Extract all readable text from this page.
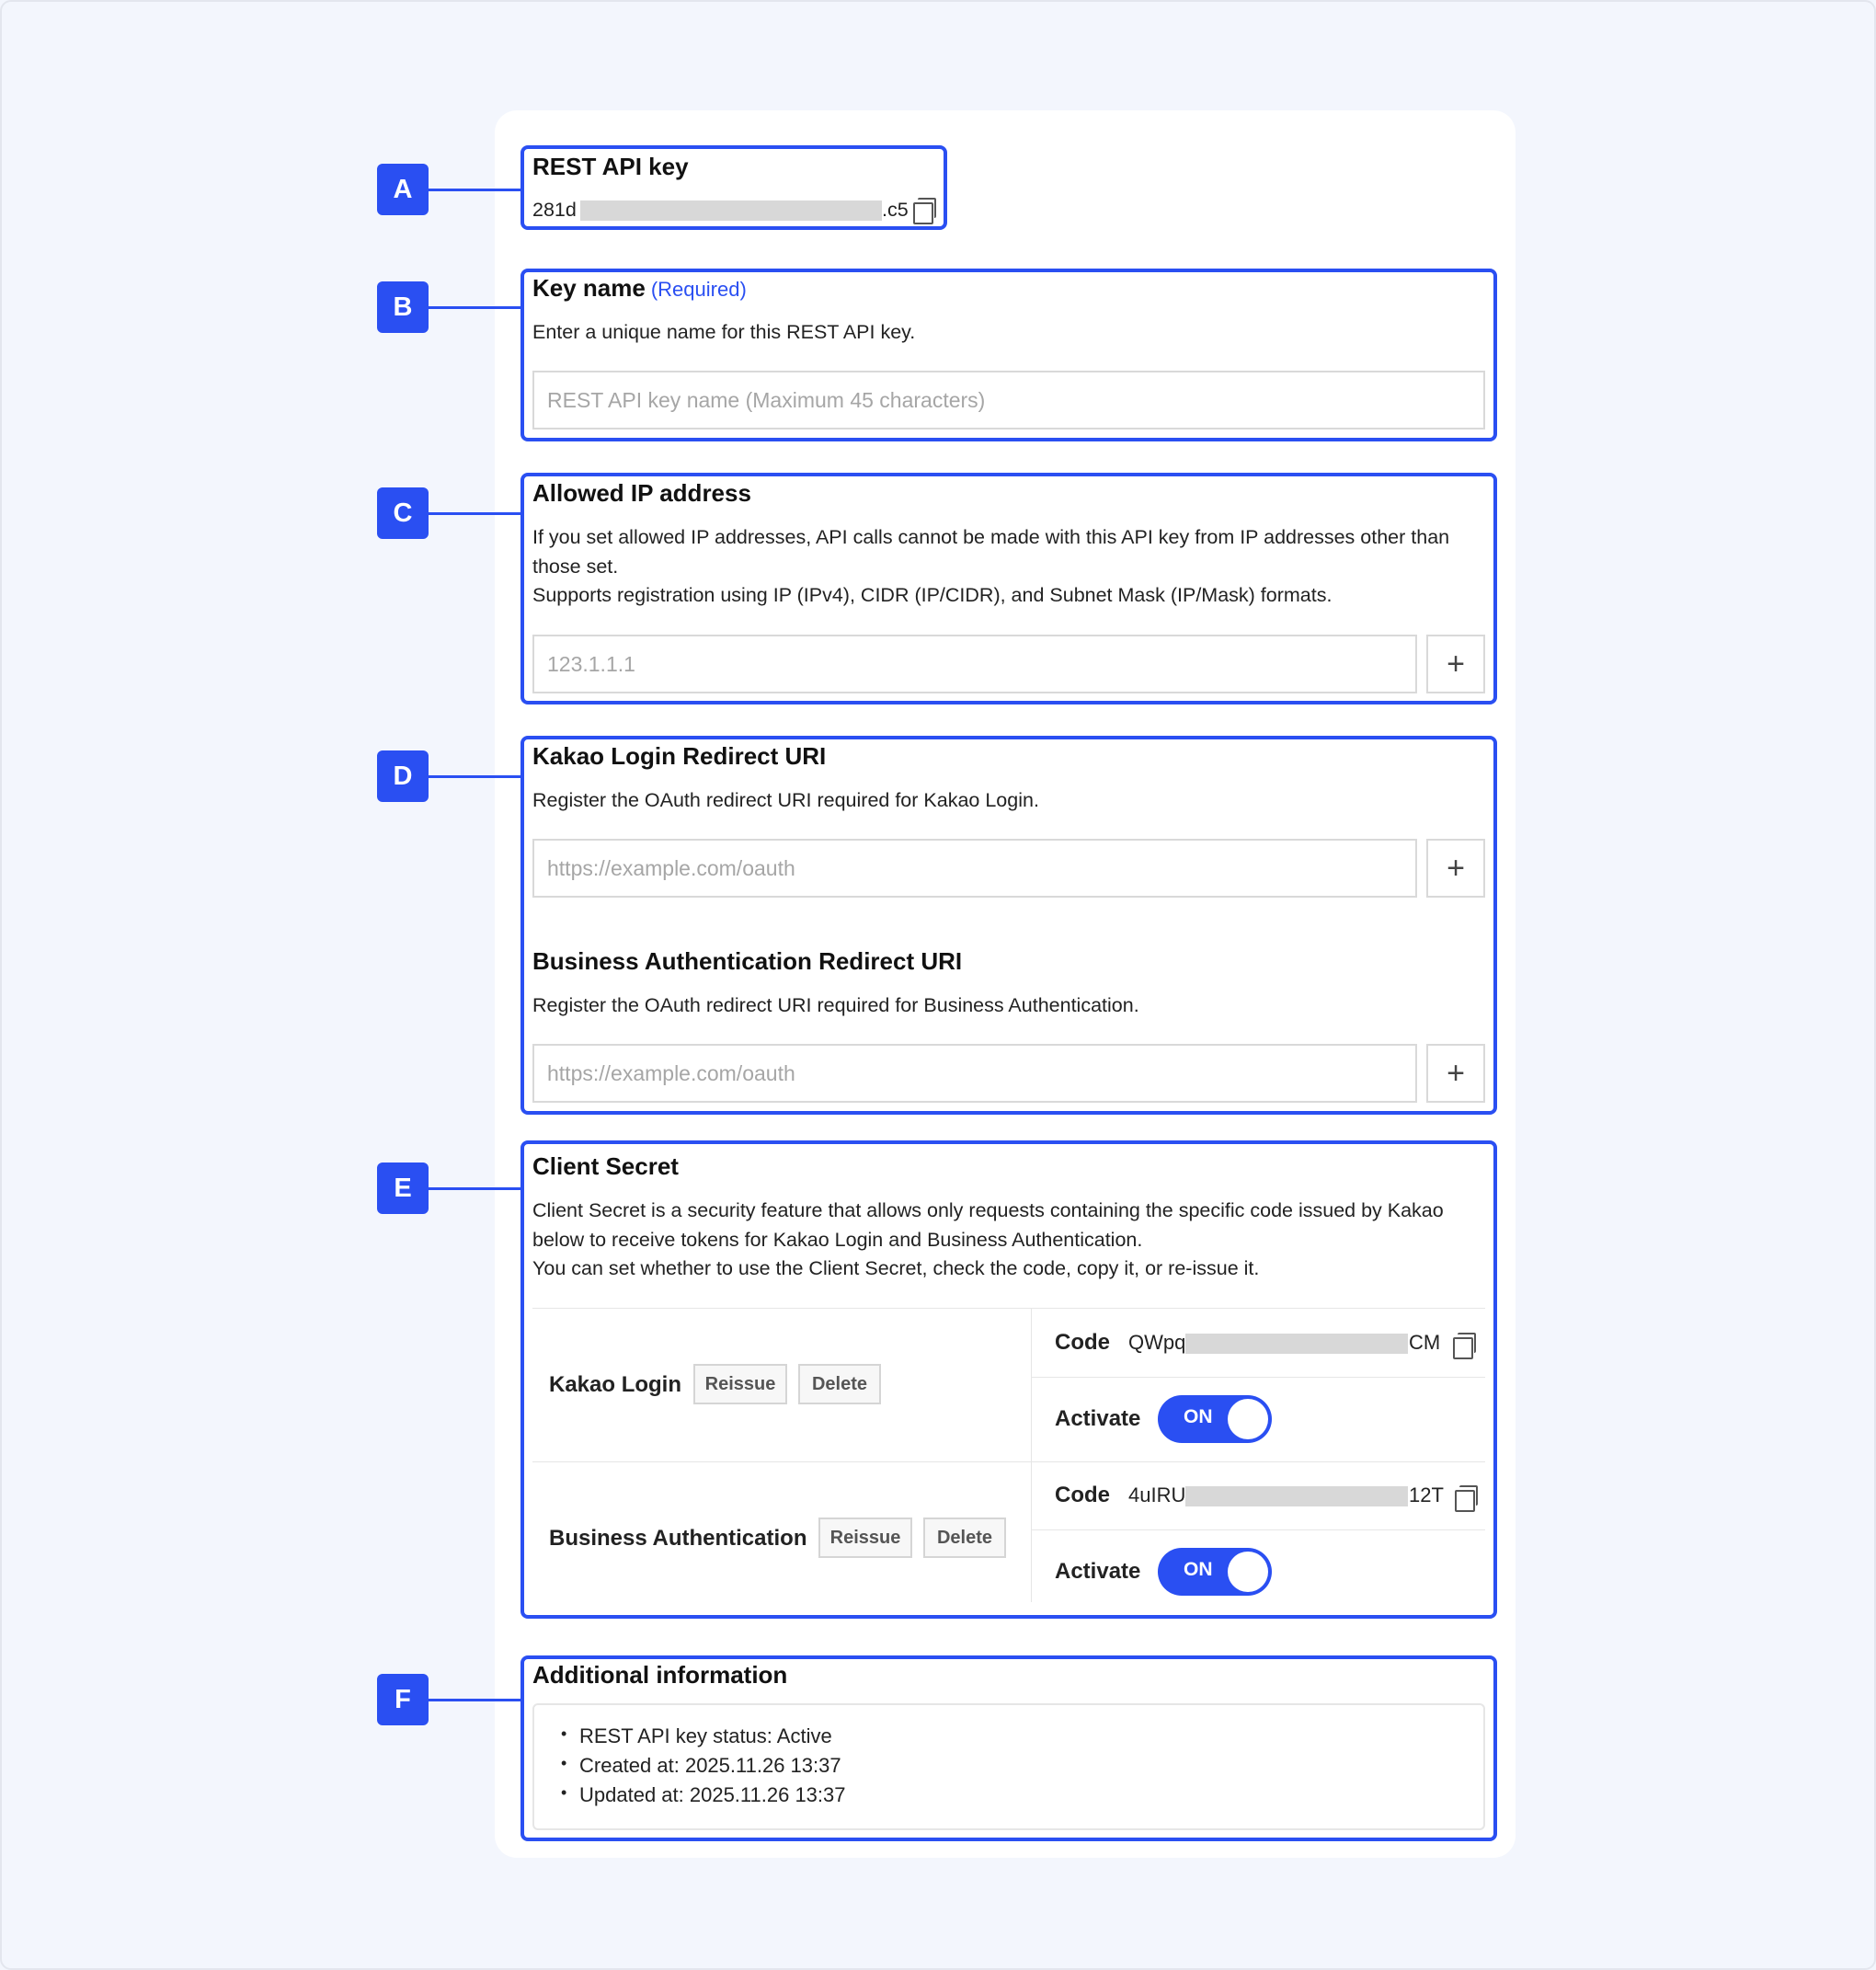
A
B
C
D
E
F
REST API key
281d	.c5
Key name (Required)
Enter a unique name for this REST API key.
REST API key name (Maximum 45 characters)
Allowed IP address
If you set allowed IP addresses, API calls cannot be made with this API key from IP addresses other than those set.
Supports registration using IP (IPv4), CIDR (IP/CIDR), and Subnet Mask (IP/Mask) formats.
123.1.1.1	+
Kakao Login Redirect URI
Register the OAuth redirect URI required for Kakao Login.
https://example.com/oauth	+
Business Authentication Redirect URI
Register the OAuth redirect URI required for Business Authentication.
https://example.com/oauth	+
Client Secret
Client Secret is a security feature that allows only requests containing the specific code issued by Kakao below to receive tokens for Kakao Login and Business Authentication.
You can set whether to use the Client Secret, check the code, copy it, or re-issue it.
Kakao Login	Reissue	Delete
Code QWpq	CM
Activate ON
Business Authentication	Reissue	Delete
Code 4uIRU	12T
Activate ON
Additional information
• REST API key status: Active
• Created at: 2025.11.26 13:37
• Updated at: 2025.11.26 13:37
